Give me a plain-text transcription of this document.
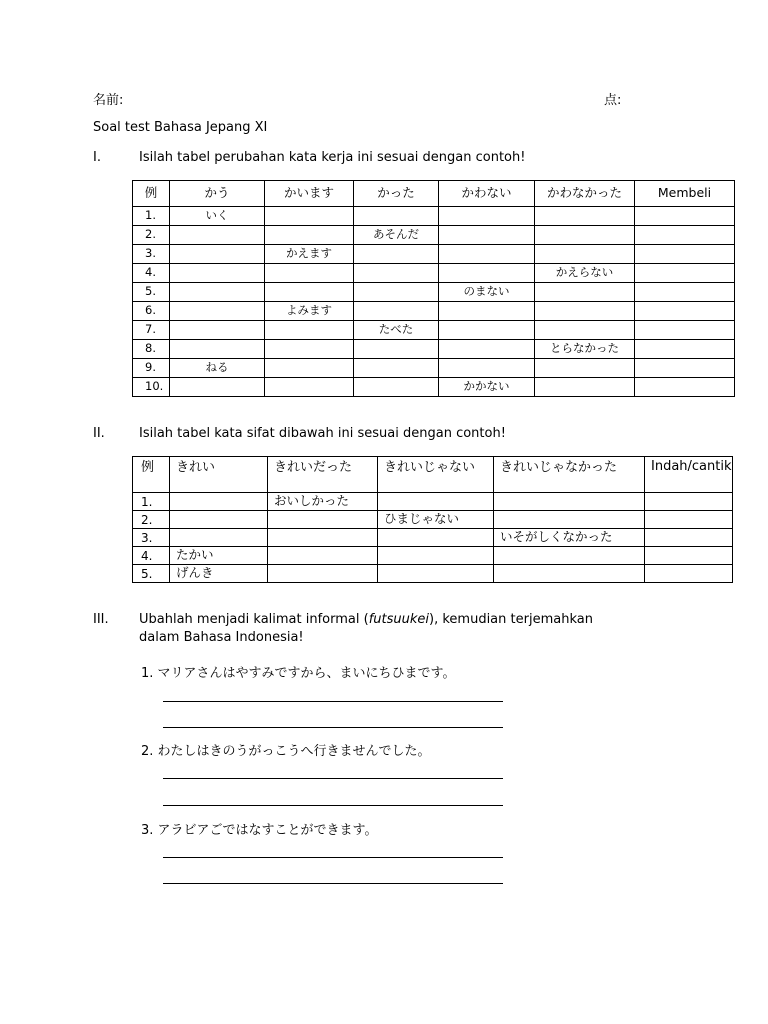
名前:	点:
Soal test Bahasa Jepang XI
I.	Isilah tabel perubahan kata kerja ini sesuai dengan contoh!
例	かう	かいます	かった	かわない	かわなかった	Membeli
1.	いく					
2.			あそんだ			
3.		かえます				
4.					かえらない	
5.				のまない		
6.		よみます				
7.			たべた			
8.					とらなかった	
9.	ねる					
10.				かかない		
II.	Isilah tabel kata sifat dibawah ini sesuai dengan contoh!
例	きれい	きれいだった	きれいじゃない	きれいじゃなかった	Indah/cantik
1.		おいしかった			
2.			ひまじゃない		
3.				いそがしくなかった	
4.	たかい				
5.	げんき				
III. Ubahlah menjadi kalimat informal (futsuukei), kemudian terjemahkan
dalam Bahasa Indonesia!
1. マリアさんはやすみですから、まいにちひまです。
2. わたしはきのうがっこうへ行きませんでした。
3. アラビアごではなすことができます。
